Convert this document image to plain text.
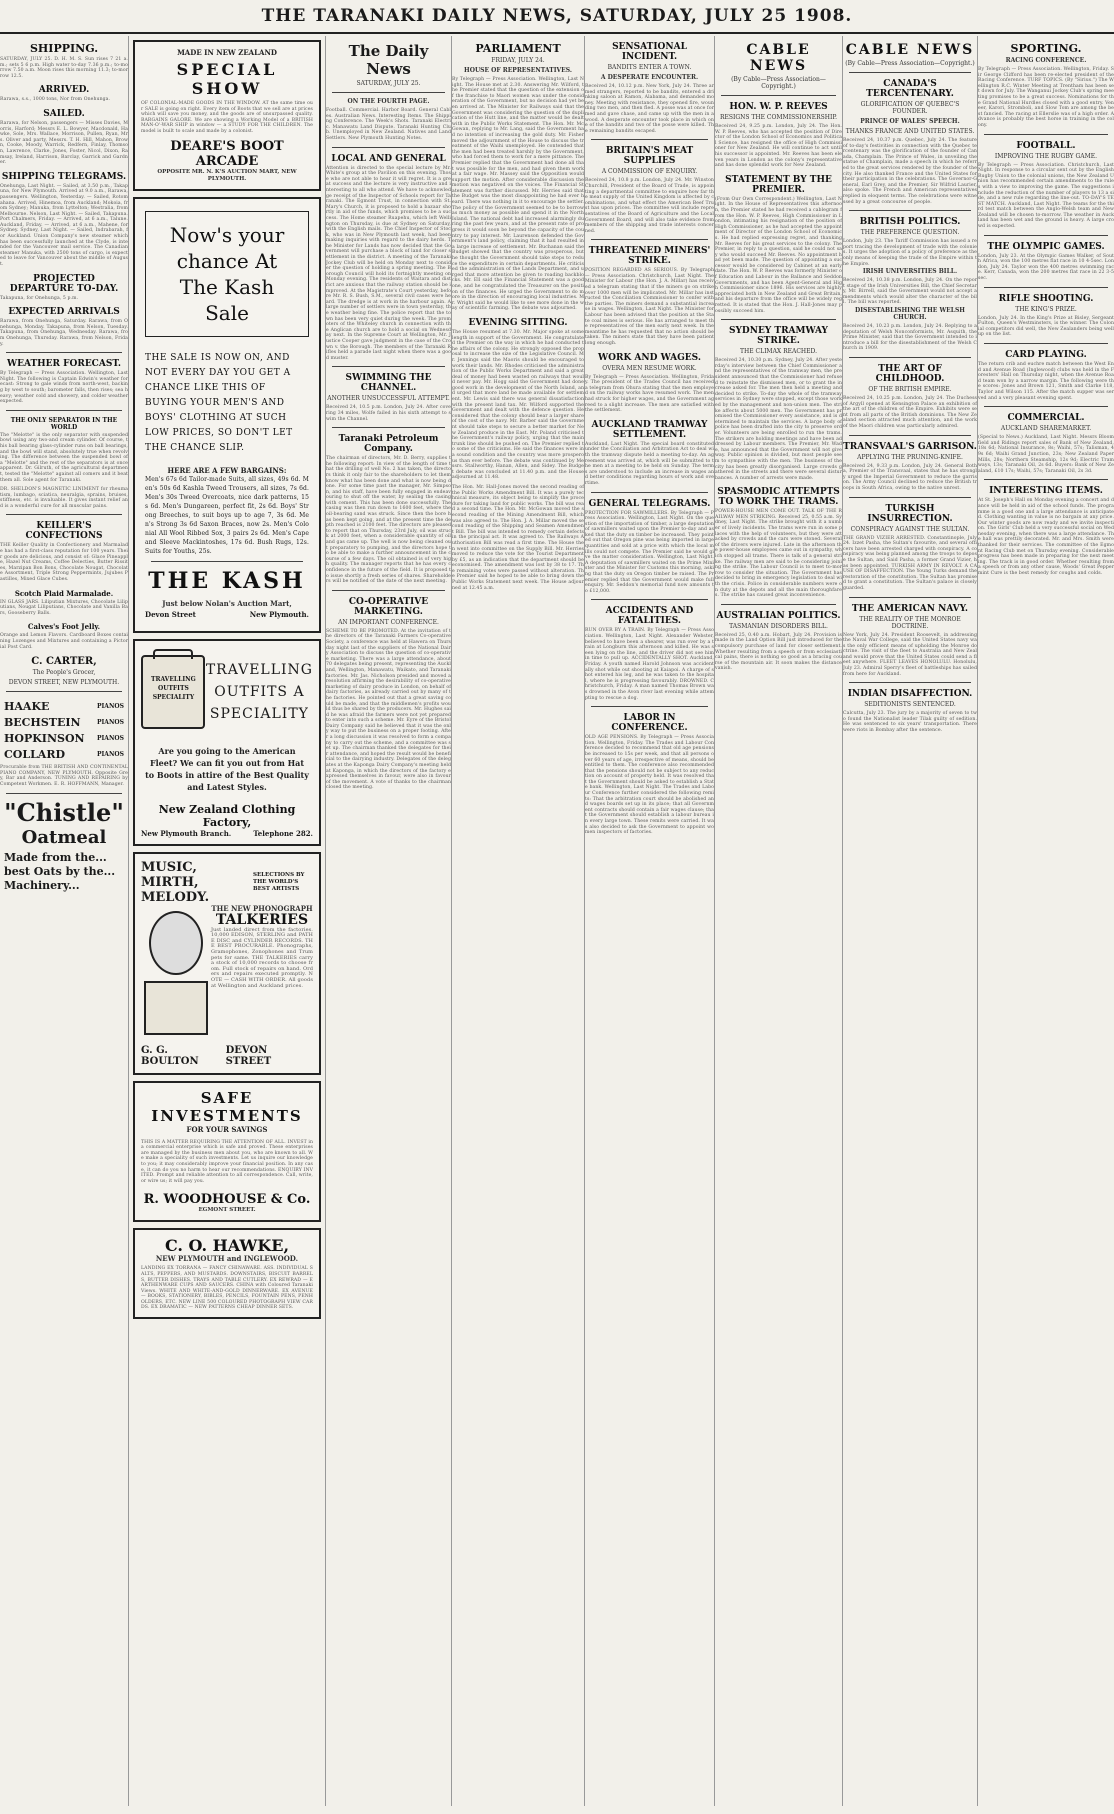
THE TARANAKI DAILY NEWS, SATURDAY, JULY 25 1908.
SHIPPING.
SATURDAY, JULY 25. D. H. M. S. Sun rises 7 21 a.m.; sets 5 6 p.m. High water to-day 7.36 p.m.; to-morrow 7.50 a.m. Moon rises this morning 11.3; to-morrow 12.5.
ARRIVED.
Rarawa, s.s., 1000 tons, Nor from Onehunga.
SAILED.
Rarawa, for Nelson, passengers — Misses Davies, Morris, Harford; Messrs E. L. Bowyer, Macdonald, Hawke, Sole, Mrs. Wallace, Morrison, Pullen, Ryan, Mrs. Oliver and party, Messrs. T. H. Hill, Mahon, Brown, Cooke, Moody, Warrick, Redfern, Finlay, Thomson, Lawrence, Clarke, Jones, Foster, Nicol, Dixon, Ramsay, Ireland, Harrison, Barclay, Garrick and Gardner.
SHIPPING TELEGRAMS.
Onehunga, Last Night. — Sailed, at 3.50 p.m., Takapuna, for New Plymouth. Arrived at 9.0 a.m., Rarawa, passengers. Wellington, Yesterday. — Sailed, Rotomahana. Arrived, Hinemoa, from Auckland; Mokoia, from Sydney; Manuka, from Lyttelton; Westralia, from Melbourne. Nelson, Last Night. — Sailed, Takapuna. Port Chalmers, Friday. — Arrived, at 6 a.m., Talune. Auckland, Friday. — Arrived, at 6 a.m., Mahene, for Sydney. Sydney, Last Night. — Sailed, Indrabarah, for Auckland. Union Company's new steamer which has been successfully launched at the Clyde, is intended for the Vancouver mail service. The Canadian steamer Manuka, with 2500 tons of cargo, is expected to leave for Vancouver about the middle of August.
PROJECTED DEPARTURE TO-DAY.
Takapuna, for Onehunga, 5 p.m.
EXPECTED ARRIVALS
Rarawa, from Onehunga, Saturday. Rarawa, from Onehunga, Monday. Takapuna, from Nelson, Tuesday. Takapuna, from Onehunga, Wednesday. Rarawa, from Onehunga, Thursday. Rarawa, from Nelson, Friday.
WEATHER FORECAST.
By Telegraph — Press Association. Wellington, Last Night. The following is Captain Edwin's weather forecast: Strong to gale winds from north-west, backing by west to south; barometer falls, then rises; sea heavy; weather cold and showery, and colder weather expected.
THE ONLY SEPARATOR IN THE WORLD
The "Melotte" is the only separator with suspended bowl using any two-and cream cylinder. Of course, this ball bearing glass-cylinder runs on ball bearings, and the bowl will stand, absolutely true when revolving. The difference between the suspended bowl of a "Melotte" and the rest of the separators is at once apparent. Dr. Gilruth, of the agricultural department, tested the "Melotte" against all comers and it beat them all. Sole agent for Taranaki.
DR. SHELDON'S MAGNETIC LINIMENT for rheumatism, lumbago, sciatica, neuralgia, sprains, bruises, stiffness, etc. is invaluable. It gives instant relief and is a wonderful cure for all muscular pains.
KEILLER'S CONFECTIONS
THE Keiller Quality in Confectionery and Marmalade has had a first-class reputation for 100 years. Their goods are delicious, and consist of: Glace Pineapple, Hazel Nut Creams, Coffee Delecties, Butter Rissites, Marzipan Bon Bons, Chocolate Nougat, Chocolate Assortment, Triple Strong Peppermints, Jujubes Pastilles, Mixed Glace Cubes.
Scotch Plaid Marmalade.
IN GLASS JARS. Liliputian Mixtures, Chocolate Liliputians, Nougat Liliputians, Chocolate and Vanilla Bars, Gooseberry Balls.
Calves's Foot Jelly.
Orange and Lemon Flavors. Cardboard Boxes containing Lozenges and Mixtures and containing a Pictorial Post Card.
C. CARTER,
The People's Grocer,
DEVON STREET, NEW PLYMOUTH.
HAAKE	PIANOS
BECHSTEIN	PIANOS
HOPKINSON PIANOS
COLLARD	PIANOS
Procurable from THE BRITISH AND CONTINENTAL PIANO COMPANY, NEW PLYMOUTH. Opposite Grey, Bar and Anderson. TUNING AND REPAIRING by Competent Workmen. E. R. HOFFMANN, Manager.
"Chistle"
Oatmeal
Made from the... best Oats by the... Machinery...
MADE IN NEW ZEALAND
SPECIAL SHOW
OF COLONIAL-MADE GOODS IN THE WINDOW. AT the same time our SALE is going on right. Every item of Boots that we sell are at prices which will save you money, and the goods are of unsurpassed quality. BARGAINS GALORE. We are showing a Working Model of a BRITISH MAN-O'-WAR SHIP in window — a STUDY FOR THE CHILDREN. The model is built to scale and made by a colonist.
DEARE'S BOOT ARCADE
OPPOSITE MR. N. K'S AUCTION MART, NEW PLYMOUTH.
Now's your chance At The Kash Sale
THE SALE IS NOW ON, AND NOT EVERY DAY YOU GET A CHANCE LIKE THIS OF BUYING YOUR MEN'S AND BOYS' CLOTHING AT SUCH LOW PRICES, SO DON'T LET THE CHANCE SLIP.
HERE ARE A FEW BARGAINS:
Men's 67s 6d Tailor-made Suits, all sizes, 49s 6d. Men's 50s 6d Kashla Tweed Trousers, all sizes, 7s 6d. Men's 30s Tweed Overcoats, nice dark patterns, 15s 6d. Men's Dungareen, perfect fit, 2s 6d. Boys' Strong Breeches, to suit boys up to age 7, 3s 6d. Men's Strong 3s 6d Saxon Braces, now 2s. Men's Colonial All Wool Ribbed Sox, 3 pairs 2s 6d. Men's Cape and Sleeve Mackintoshes, 17s 6d. Bush Rugs, 12s. Suits for Youths, 25s.
THE KASH
Just below Nolan's Auction Mart,
Devon Street	New Plymouth.
TRAVELLING OUTFITS SPECIALITY
TRAVELLING OUTFITS A SPECIALITY
Are you going to the American Fleet? We can fit you out from Hat to Boots in attire of the Best Quality and Latest Styles.
New Zealand Clothing Factory,
New Plymouth Branch.	Telephone 282.
MUSIC, MIRTH, MELODY.
SELECTIONS BY THE WORLD'S BEST ARTISTS
THE NEW PHONOGRAPH
TALKERIES
Just landed direct from the factories. 10,000 EDISON, STERLING and PATHE DISC and CYLINDER RECORDS. THE BEST PROCURABLE. Phonographs, Gramophones, Zonophones and Trumpets for same. THE TALKERIES carry a stock of 10,000 records to choose from. Full stock of repairs on hand. Orders and repairs executed promptly. NOTE — CASH WITH ORDER. All goods at Wellington and Auckland prices.
G. G. BOULTON
DEVON STREET
SAFE INVESTMENTS
FOR YOUR SAVINGS
THIS IS A MATTER REQUIRING THE ATTENTION OF ALL. INVEST in a commercial enterprise which is safe and proved. These enterprises are managed by the business men about you, who are known to all. We make a speciality of such investments. Let us inquire our knowledge to you; it may considerably improve your financial position. In any case, it can do you no harm to hear our recommendations. ENQUIRY INVITED. Prompt and reliable attention to all correspondence. Call, write, or wire us; it will pay you.
R. WOODHOUSE & Co.
EGMONT STREET.
C. O. HAWKE,
NEW PLYMOUTH and INGLEWOOD.
LANDING EX TORRANA — FANCY CHINAWARE. ASS. INDIVIDUAL SALTS, PEPPERS, AND MUSTARDS. DOWNSTAIRS, BISCUIT BARRELS, BUTTER DISHES. TRAYS AND TABLE CUTLERY. EX REWRAD — EARTHENWARE CUPS AND SAUCERS. CHINA with Coloured Taranaki Views. WHITE AND WHITE-AND-GOLD DINNERWARE. EX AVENUE — BOOKS, STATIONERY, BIBLES, PENCILS, FOUNTAIN PENS, PENHOLDERS, ETC. NEW LINE 500 COLOURED PHOTOGRAPH VIEW CARDS. EX DRAMATIC — NEW PATTERNS CHEAP DINNER SETS.
The Daily News
SATURDAY, JULY 25.
ON THE FOURTH PAGE.
Football. Commercial. Harbor Board. General Cables. Australian News. Interesting Items. The Shipping Conference. The Week's Shots. Taranaki Electric. Manawatu Land Dispute. Taranaki Hunting Club. Unemployed in New Zealand. Natives and Land Settlers. New Plymouth Hunting Notes.
LOCAL AND GENERAL
Attention is directed to the special lecture by Mr. White's group at the Pavilion on this evening. Those who are not able to hear it will regret. It is a great success and the lecture is very instructive and interesting to all who attend. We have to acknowledge receipt of the Inspector of Schools report for Taranaki. The Egmont Trust, in connection with St. Mary's Church, it is proposed to hold a bazaar shortly in aid of the funds, which promises to be a success. The Home steamer Ruapehu, which left Wellington on Thursday, is due at Sydney on Saturday, with the English mails. The Chief Inspector of Stock, who was in New Plymouth last week, had been making inquiries with regard to the dairy herds. The Minister for Lands has now decided that the Government will purchase a block of land for closer settlement in the district. A meeting of the Taranaki Jockey Club will be held on Monday next to consider the question of holding a spring meeting. The Borough Council will hold its fortnightly meeting on Monday evening. The residents of Waitara and district are anxious that the railway station should be improved. At the Magistrate's Court yesterday, before Mr. R. S. Bush, S.M., several civil cases were heard. The dredge is at work in the harbour again. A large number of settlers were in town yesterday, the weather being fine. The police report that the town has been very quiet during the week. The promoters of the Whiteley church in connection with the Anglican church are to hold a social on Wednesday next. In the Supreme Court at Wellington, Mr. Justice Cooper gave judgment in the case of the Crown v. the Borough. The members of the Taranaki Rifles held a parade last night when there was a good muster.
SWIMMING THE CHANNEL.
ANOTHER UNSUCCESSFUL ATTEMPT.
Received 24, 10.5 p.m. London, July 24. After covering 34 miles, Wolfe failed in his sixth attempt to swim the Channel.
Taranaki Petroleum Company.
The chairman of directors, Mr. D. Berry, supplies the following report: In view of the length of time that the drilling of well No. 2 has taken, the directors think it only fair to the shareholders to let them know what has been done and what is now being done. For some time past the manager, Mr. Simpson, and his staff, have been fully engaged in endeavouring to shut off the water, by sealing the casing with cement. This has been done successfully. The casing was then run down to 1600 feet, where the oil-bearing sand was struck. Since then the bore has been kept going, and at the present time the depth reached is 2100 feet. The directors are pleased to report that on Thursday, 23rd July, oil was struck at 2000 feet, when a considerable quantity of oil and gas came up. The well is now being cleaned out preparatory to pumping, and the directors hope to be able to make a further announcement in the course of a few days. The oil obtained is of very high quality. The manager reports that he has every confidence in the future of the field. It is proposed to issue shortly a fresh series of shares. Shareholders will be notified of the date of the next meeting.
CO-OPERATIVE MARKETING.
AN IMPORTANT CONFERENCE.
SCHEME TO BE PROMOTED. At the invitation of the directors of the Taranaki Farmers Co-operative Society, a conference was held at Hawera on Thursday night last of the suppliers of the National Dairy Association to discuss the question of co-operative marketing. There was a large attendance, about 70 delegates being present, representing the Auckland, Wellington, Manawatu, Waikato, and Taranaki factories. Mr. Jas. Nicholson presided and moved a resolution affirming the desirability of co-operative marketing of dairy produce in London, on behalf of dairy factories, as already carried out by many of the factories. He pointed out that a great saving could be made, and that the middlemen's profits would thus be shared by the producers. Mr. Hughes said he was afraid the farmers were not yet prepared to enter into such a scheme. Mr. Eyre of the Bristol Dairy Company said he believed that it was the only way to put the business on a proper footing. After a long discussion it was resolved to form a company to carry out the scheme, and a committee was set up. The chairman thanked the delegates for their attendance, and hoped the result would be beneficial to the dairying industry. Delegates of the delegates at the Kaponga Dairy Company's meeting held at Kaponga, in which the directors of the factory expressed themselves in favour, were also in favour of the movement. A vote of thanks to the chairman closed the meeting.
PARLIAMENT
FRIDAY, JULY 24.
HOUSE OF REPRESENTATIVES.
By Telegraph — Press Association. Wellington, Last Night. The House met at 2.30. Answering Mr. Wilford, the Premier stated that the question of the extension of the franchise to Maori women was under the consideration of the Government, but no decision had yet been arrived at. The Minister for Railways said that the Government was considering the question of the duplication of the Hutt line, and the matter would be dealt with in the Public Works Statement. The Hon. Mr. McGowan, replying to Mr. Lang, said the Government had no intention of increasing the gold duty. Mr. Fisher moved the adjournment of the House to discuss the treatment of the Waihi unemployed. He contended that the men had been treated harshly by the Government, who had forced them to work for a mere pittance. The Premier replied that the Government had done all that was possible for the men, and had given them work at a fair wage. Mr. Massey said the Opposition would support the motion. After considerable discussion the motion was negatived on the voices. The Financial Statement was further discussed. Mr. Herries said that the Budget was the most disappointing he had ever heard. There was nothing in it to encourage the settler. The policy of the Government seemed to be to borrow as much money as possible and spend it in the North Island. The national debt had increased alarmingly during the past few years, and at the present rate of progress it would soon be beyond the capacity of the country to pay interest. Mr. Laurenson defended the Government's land policy, claiming that it had resulted in a large increase of settlement. Mr. Buchanan said the Budget showed that the country was prosperous, but he thought the Government should take steps to reduce the expenditure in certain departments. He criticised the administration of the Lands Department, and urged that more attention be given to roading backblocks. Mr. Ell said the Financial Statement was a good one, and he congratulated the Treasurer on the position of the finances. He urged the Government to do more in the direction of encouraging local industries. Mr. Wright said he would like to see more done in the way of scientific farming. The debate was adjourned.
EVENING SITTING.
The House resumed at 7.30. Mr. Major spoke at some length in support of the Government. He congratulated the Premier on the way in which he had conducted the affairs of the colony. He strongly opposed the proposal to increase the size of the Legislative Council. Mr. Jennings said the Maoris should be encouraged to work their lands. Mr. Rhodes criticised the administration of the Public Works Department and said a great deal of money had been wasted on railways that would never pay. Mr. Hogg said the Government had done good work in the development of the North Island, and urged that more land be made available for settlement. Mr. Lewis said there was general dissatisfaction with the present land tax. Mr. Wilford supported the Government and dealt with the defence question. He considered that the colony should bear a larger share of the cost of the navy. Mr. Barber said the Government should take steps to secure a better market for New Zealand produce in the East. Mr. Poland criticised the Government's railway policy, urging that the main trunk line should be pushed on. The Premier replied to some of the criticisms. He said the finances were in a sound condition and the country was more prosperous than ever before. The debate was continued by Messrs. Stallworthy, Hanan, Allen, and Sidey. The Budget debate was concluded at 11.40 p.m. and the House adjourned at 11.48.
The Hon. Mr. Hall-Jones moved the second reading of the Public Works Amendment Bill. It was a purely technical measure, its object being to simplify the procedure for taking land for public works. The bill was read a second time. The Hon. Mr. McGowan moved the second reading of the Mining Amendment Bill, which was also agreed to. The Hon. J. A. Millar moved the second reading of the Shipping and Seamen Amendment Bill. The bill was intended to remedy certain defects in the principal act. It was agreed to. The Railways Authorisation Bill was read a first time. The House then went into committee on the Supply Bill. Mr. Herries moved to reduce the vote for the Tourist Department by £5, as an indication that the department should be economised. The amendment was lost by 38 to 17. The remaining votes were passed without alteration. The Premier said he hoped to be able to bring down the Public Works Statement next week. The House adjourned at 12.45 a.m.
SENSATIONAL INCIDENT.
BANDITS ENTER A TOWN.
A DESPERATE ENCOUNTER.
Received 24, 10.12 p.m. New York, July 24. Three armed strangers, reported to be bandits, entered a drinking saloon at Ramon, Alabama, and demanded money. Meeting with resistance, they opened fire, wounding two men, and then fled. A posse was at once formed and gave chase, and came up with the men in a wood. A desperate encounter took place in which one of the bandits and two of the posse were killed. The remaining bandits escaped.
BRITAIN'S MEAT SUPPLIES
A COMMISSION OF ENQUIRY.
Received 24, 10.8 p.m. London, July 24. Mr. Winston Churchill, President of the Board of Trade, is appointing a departmental committee to enquire how far the meat supply of the United Kingdom is affected by combinations, and what effect the American Beef Trust has upon prices. The committee will include representatives of the Board of Agriculture and the Local Government Board, and will also take evidence from members of the shipping and trade interests concerned.
THREATENED MINERS' STRIKE.
POSITION REGARDED AS SERIOUS. By Telegraph — Press Association. Christchurch, Last Night. The Minister for Labour (the Hon. J. A. Millar) has received a telegram stating that if the miners go on strike over 1000 men will be implicated. Mr. Millar has instructed the Conciliation Commissioner to confer with the parties. The miners demand a substantial increase in wages. Wellington, Last Night. The Minister for Labour has been advised that the position at the State coal mines is serious. He has arranged to meet the representatives of the men early next week. In the meantime he has requested that no action should be taken. The miners state that they have been patient long enough.
WORK AND WAGES.
OVERA MEN RESUME WORK.
By Telegraph — Press Association. Wellington, Friday. The president of the Trades Council has received a telegram from Ohura stating that the men employed on the railway works have resumed work. The men had struck for higher wages, and the Government agreed to a slight increase. The men are satisfied with the settlement.
AUCKLAND TRAMWAY SETTLEMENT.
Auckland, Last Night. The special board constituted under the Conciliation and Arbitration Act to deal with the tramway dispute held a meeting to-day. An agreement was arrived at, which will be submitted to the men at a meeting to be held on Sunday. The terms are understood to include an increase in wages and better conditions regarding hours of work and overtime.
GENERAL TELEGRAMS.
PROTECTION FOR SAWMILLERS. By Telegraph — Press Association. Wellington, Last Night. On the question of the importation of timber, a large deputation of sawmillers waited upon the Premier to-day and asked that the duty on timber be increased. They pointed out that Oregon pine was being imported in large quantities and sold at a price with which the local mills could not compete. The Premier said he would give the matter consideration. Wellington, Last Night. A deputation of sawmillers waited on the Prime Minister and the Minister for Customs this morning, asking that the duty on Oregon timber be raised. The Premier replied that the Government would make full enquiry. Mr. Seddon's memorial fund now amounts to £12,000.
ACCIDENTS AND FATALITIES.
RUN OVER BY A TRAIN. By Telegraph — Press Association. Wellington, Last Night. Alexander Webster, believed to have been a shearer, was run over by a train at Longburn this afternoon and killed. He was seen lying on the line, and the driver did not see him in time to pull up. ACCIDENTALLY SHOT. Auckland, Friday. A youth named Harold Johnson was accidentally shot while out shooting at Kaiapoi. A charge of shot entered his leg, and he was taken to the hospital, where he is progressing favourably. DROWNED. Christchurch, Friday. A man named Thomas Brown was drowned in the Avon river last evening while attempting to rescue a dog.
LABOR IN CONFERENCE.
OLD AGE PENSIONS. By Telegraph — Press Association. Wellington, Friday. The Trades and Labour Conference decided to recommend that old age pensions be increased to 15s per week, and that all persons over 60 years of age, irrespective of means, should be entitled to them. The conference also recommended that the pensions should not be subject to any reduction on account of property held. It was resolved that the Government should be asked to establish a State bank. Wellington, Last Night. The Trades and Labour Conference further considered the following remits: That the arbitration court should be abolished and wages boards set up in its place; that all Government contracts should contain a fair wages clause; that the Government should establish a labour bureau in every large town. These remits were carried. It was also decided to ask the Government to appoint women inspectors of factories.
CABLE NEWS
(By Cable—Press Association—Copyright.)
HON. W. P. REEVES
RESIGNS THE COMMISSIONERSHIP.
Received 24, 9.25 p.m. London, July 24. The Hon. W. P. Reeves, who has accepted the position of Director of the London School of Economics and Political Science, has resigned the office of High Commissioner for New Zealand. He will continue to act until his successor is appointed. Mr. Reeves has been eleven years in London as the colony's representative and has done splendid work for New Zealand.
STATEMENT BY THE PREMIER.
(From Our Own Correspondent.) Wellington, Last Night. In the House of Representatives this afternoon, the Premier stated he had received a cablegram from the Hon. W. P. Reeves, High Commissioner in London, intimating his resignation of the position of High Commissioner, as he had accepted the appointment of Director of the London School of Economics. He had replied expressing regret, and thanking Mr. Reeves for his great services to the colony. The Premier, in reply to a question, said he could not say who would succeed Mr. Reeves. No appointment had yet been made. The question of appointing a successor would be considered by Cabinet at an early date. The Hon. W. P. Reeves was formerly Minister of Education and Labour in the Ballance and Seddon Governments, and has been Agent-General and High Commissioner since 1896. His services are highly appreciated both in New Zealand and Great Britain, and his departure from the office will be widely regretted. It is stated that the Hon. J. Hall-Jones may possibly succeed him.
SYDNEY TRAMWAY STRIKE.
THE CLIMAX REACHED.
Received 24, 10.30 p.m. Sydney, July 24. After yesterday's interview between the Chief Commissioner and the representatives of the tramway men, the president announced that the Commissioner had refused to reinstate the dismissed men, or to grant the increase asked for. The men then held a meeting and decided to strike. To-day the whole of the tramway services in Sydney were stopped, except those worked by the management and non-union men. The strike affects about 5000 men. The Government has promised the Commissioner every assistance, and is determined to maintain the services. A large body of police has been drafted into the city to preserve order. Volunteers are being enrolled to run the trams. The strikers are holding meetings and have been addressed by Labour members. The Premier, Mr. Wade, has announced that the Government will not give way. Public opinion is divided, but most people seem to sympathise with the men. The business of the city has been greatly disorganised. Large crowds gathered in the streets and there were several disturbances. A number of arrests were made.
SPASMODIC ATTEMPTS TO WORK THE TRAMS.
POWER-HOUSE MEN COME OUT. TALK OF THE RAILWAY MEN STRIKING. Received 25, 0.55 a.m. Sydney, Last Night. The strike brought with it a number of lively incidents. The trams were run in some places with the help of volunteers, but they were attacked by crowds and the cars were stoned. Several of the drivers were injured. Late in the afternoon the power-house employees came out in sympathy, which stopped all trams. There is talk of a general strike. The railway men are said to be considering joining the strike. The Labour Council is to meet to-morrow to consider the situation. The Government has decided to bring in emergency legislation to deal with the crisis. Police in considerable numbers were on duty at the depots and all the main thoroughfares. The strike has caused great inconvenience.
AUSTRALIAN POLITICS.
TASMANIAN DISORDERS BILL.
Received 25, 0.40 a.m. Hobart, July 24. Provision is made in the Land Option Bill just introduced for the compulsory purchase of land for closer settlement. Whether resulting from a speech or from ecclesiastical pains, there is nothing so good as a bracing course of the mountain air. It soon makes the distance vanish.
CABLE NEWS
(By Cable—Press Association—Copyright.)
CANADA'S TERCENTENARY.
GLORIFICATION OF QUEBEC'S FOUNDER.
PRINCE OF WALES' SPEECH.
THANKS FRANCE AND UNITED STATES.
Received 24, 10.37 p.m. Quebec, July 24. The feature of to-day's festivities in connection with the Quebec tercentenary was the glorification of the founder of Canada, Champlain. The Prince of Wales, in unveiling the statue of Champlain, made a speech in which he referred to the great services rendered by the founder of the city. He also thanked France and the United States for their participation in the celebrations. The Governor-General, Earl Grey, and the Premier, Sir Wilfrid Laurier, also spoke. The French and American representatives replied in eloquent terms. The celebrations were witnessed by a great concourse of people.
BRITISH POLITICS.
THE PREFERENCE QUESTION.
London, July 23. The Tariff Commission has issued a report tracing the development of trade with the colonies. It urges the adoption of a policy of preference as the only means of keeping the trade of the Empire within the Empire.
IRISH UNIVERSITIES BILL.
Received 24, 10.38 p.m. London, July 24. On the report stage of the Irish Universities Bill, the Chief Secretary, Mr. Birrell, said the Government would not accept amendments which would alter the character of the bill. The bill was reported.
DISESTABLISHING THE WELSH CHURCH.
Received 24, 10.23 p.m. London, July 24. Replying to a deputation of Welsh Nonconformists, Mr. Asquith, the Prime Minister, said that the Government intended to introduce a bill for the disestablishment of the Welsh Church in 1909.
THE ART OF CHILDHOOD.
OF THE BRITISH EMPIRE.
Received 24, 10.25 p.m. London, July 24. The Duchess of Argyll opened at Kensington Palace an exhibition of the art of the children of the Empire. Exhibits were sent from all parts of the British dominions. The New Zealand section attracted much attention, and the work of the Maori children was particularly admired.
TRANSVAAL'S GARRISON.
APPLYING THE PRUNING-KNIFE.
Received 24, 9.33 p.m. London, July 24. General Botha, Premier of the Transvaal, states that he has strongly urged the Imperial Government to reduce the garrison. The Army Council declined to reduce the British troops in South Africa, owing to the native unrest.
TURKISH INSURRECTION.
CONSPIRACY AGAINST THE SULTAN.
THE GRAND VIZIER ARRESTED. Constantinople, July 24. Izzet Pasha, the Sultan's favourite, and several officers have been arrested charged with conspiracy. A conspiracy was being planned among the troops to depose the Sultan, and Said Pasha, a former Grand Vizier, has been appointed. TURKISH ARMY IN REVOLT. A CAUSE OF DISAFFECTION. The Young Turks demand the restoration of the constitution. The Sultan has promised to grant a constitution. The Sultan's palace is closely guarded.
THE AMERICAN NAVY.
THE REALITY OF THE MONROE DOCTRINE.
New York, July 24. President Roosevelt, in addressing the Naval War College, said the United States navy was the only efficient means of upholding the Monroe doctrine. The visit of the fleet to Australia and New Zealand would prove that the United States could send a fleet anywhere. FLEET LEAVES HONOLULU. Honolulu, July 23. Admiral Sperry's fleet of battleships has sailed from here for Auckland.
INDIAN DISAFFECTION.
SEDITIONISTS SENTENCED.
Calcutta, July 23. The jury by a majority of seven to two found the Nationalist leader Tilak guilty of sedition. He was sentenced to six years' transportation. There were riots in Bombay after the sentence.
SPORTING.
RACING CONFERENCE.
By Telegraph — Press Association. Wellington, Friday. Sir George Clifford has been re-elected president of the Racing Conference. TURF TOPICS. (By "Sirius.") The Wellington R.C. Winter Meeting at Trentham has been set down for July. The Wanganui Jockey Club's spring meeting promises to be a great success. Nominations for the Grand National Hurdles closed with a good entry. Veneer, Karori, Stromboli, and Slow Tom are among the best fancied. The racing at Ellerslie was of a high order. Advance is probably the best horse in training in the colony.
FOOTBALL.
IMPROVING THE RUGBY GAME.
By Telegraph — Press Association. Christchurch, Last Night. In response to a circular sent out by the English Rugby Union to the colonial unions, the New Zealand Union has recommended certain amendments to the rules with a view to improving the game. The suggestions include the reduction of the number of players to 13 a side, and a new rule regarding the line-out. TO-DAY'S TEST MATCH. Auckland, Last Night. The teams for the third test match between the Anglo-Welsh team and New Zealand will be chosen to-morrow. The weather in Auckland has been wet and the ground is heavy. A large crowd is expected.
THE OLYMPIC GAMES.
London, July 23. At the Olympic Games Walker, of South Africa, won the 100 metres flat race in 10 4-5sec. London, July 24. Taylor won the 400 metres swimming race. Kerr, Canada, won the 200 metres flat race in 22 3-5sec.
RIFLE SHOOTING.
THE KING'S PRIZE.
London, July 24. In the King's Prize at Bisley, Sergeant Fulton, Queen's Westminsters, is the winner. The Colonial competitors did well, the New Zealanders being well up on the list.
CARD PLAYING.
The return crib and euchre match between the West End and Avenue Road (Inglewood) clubs was held in the Foresters' Hall on Thursday night, when the Avenue Road team won by a narrow margin. The following were the scores: Jones and Brown 121, Smith and Clarke 118, Taylor and Wilson 115. After the match supper was served and a very pleasant evening spent.
COMMERCIAL.
AUCKLAND SHAREMARKET.
(Special to News.) Auckland, Last Night. Messrs Bloomfield and Ridings report sales of Bank of New Zealand, 18s 6d; National Insurance, 8s; Waihi, 57s; Talisman, 49s 6d; Waihi Grand Junction, 23s; New Zealand Paper Mills, 28s; Northern Steamship, 12s 9d; Electric Tramways, 13s; Taranaki Oil, 2s 6d. Buyers: Bank of New Zealand, £10 17s; Waihi, 57s; Taranaki Oil, 2s 3d.
INTERESTING ITEMS.
At St. Joseph's Hall on Monday evening a concert and dance will be held in aid of the school funds. The programme is a good one and a large attendance is anticipated. Clothing wanting in value is no bargain at any price. Our winter goods are now ready and we invite inspection. The Girls' Club held a very successful social on Wednesday evening, when there was a large attendance. The hall was prettily decorated. Mr. and Mrs. Smith were thanked for their services. The committee of the Egmont Racing Club met on Thursday evening. Considerable progress has been made in preparing for the next meeting. The track is in good order. Whether resulting from a speech or from any other cause, Woods' Great Peppermint Cure is the best remedy for coughs and colds.
